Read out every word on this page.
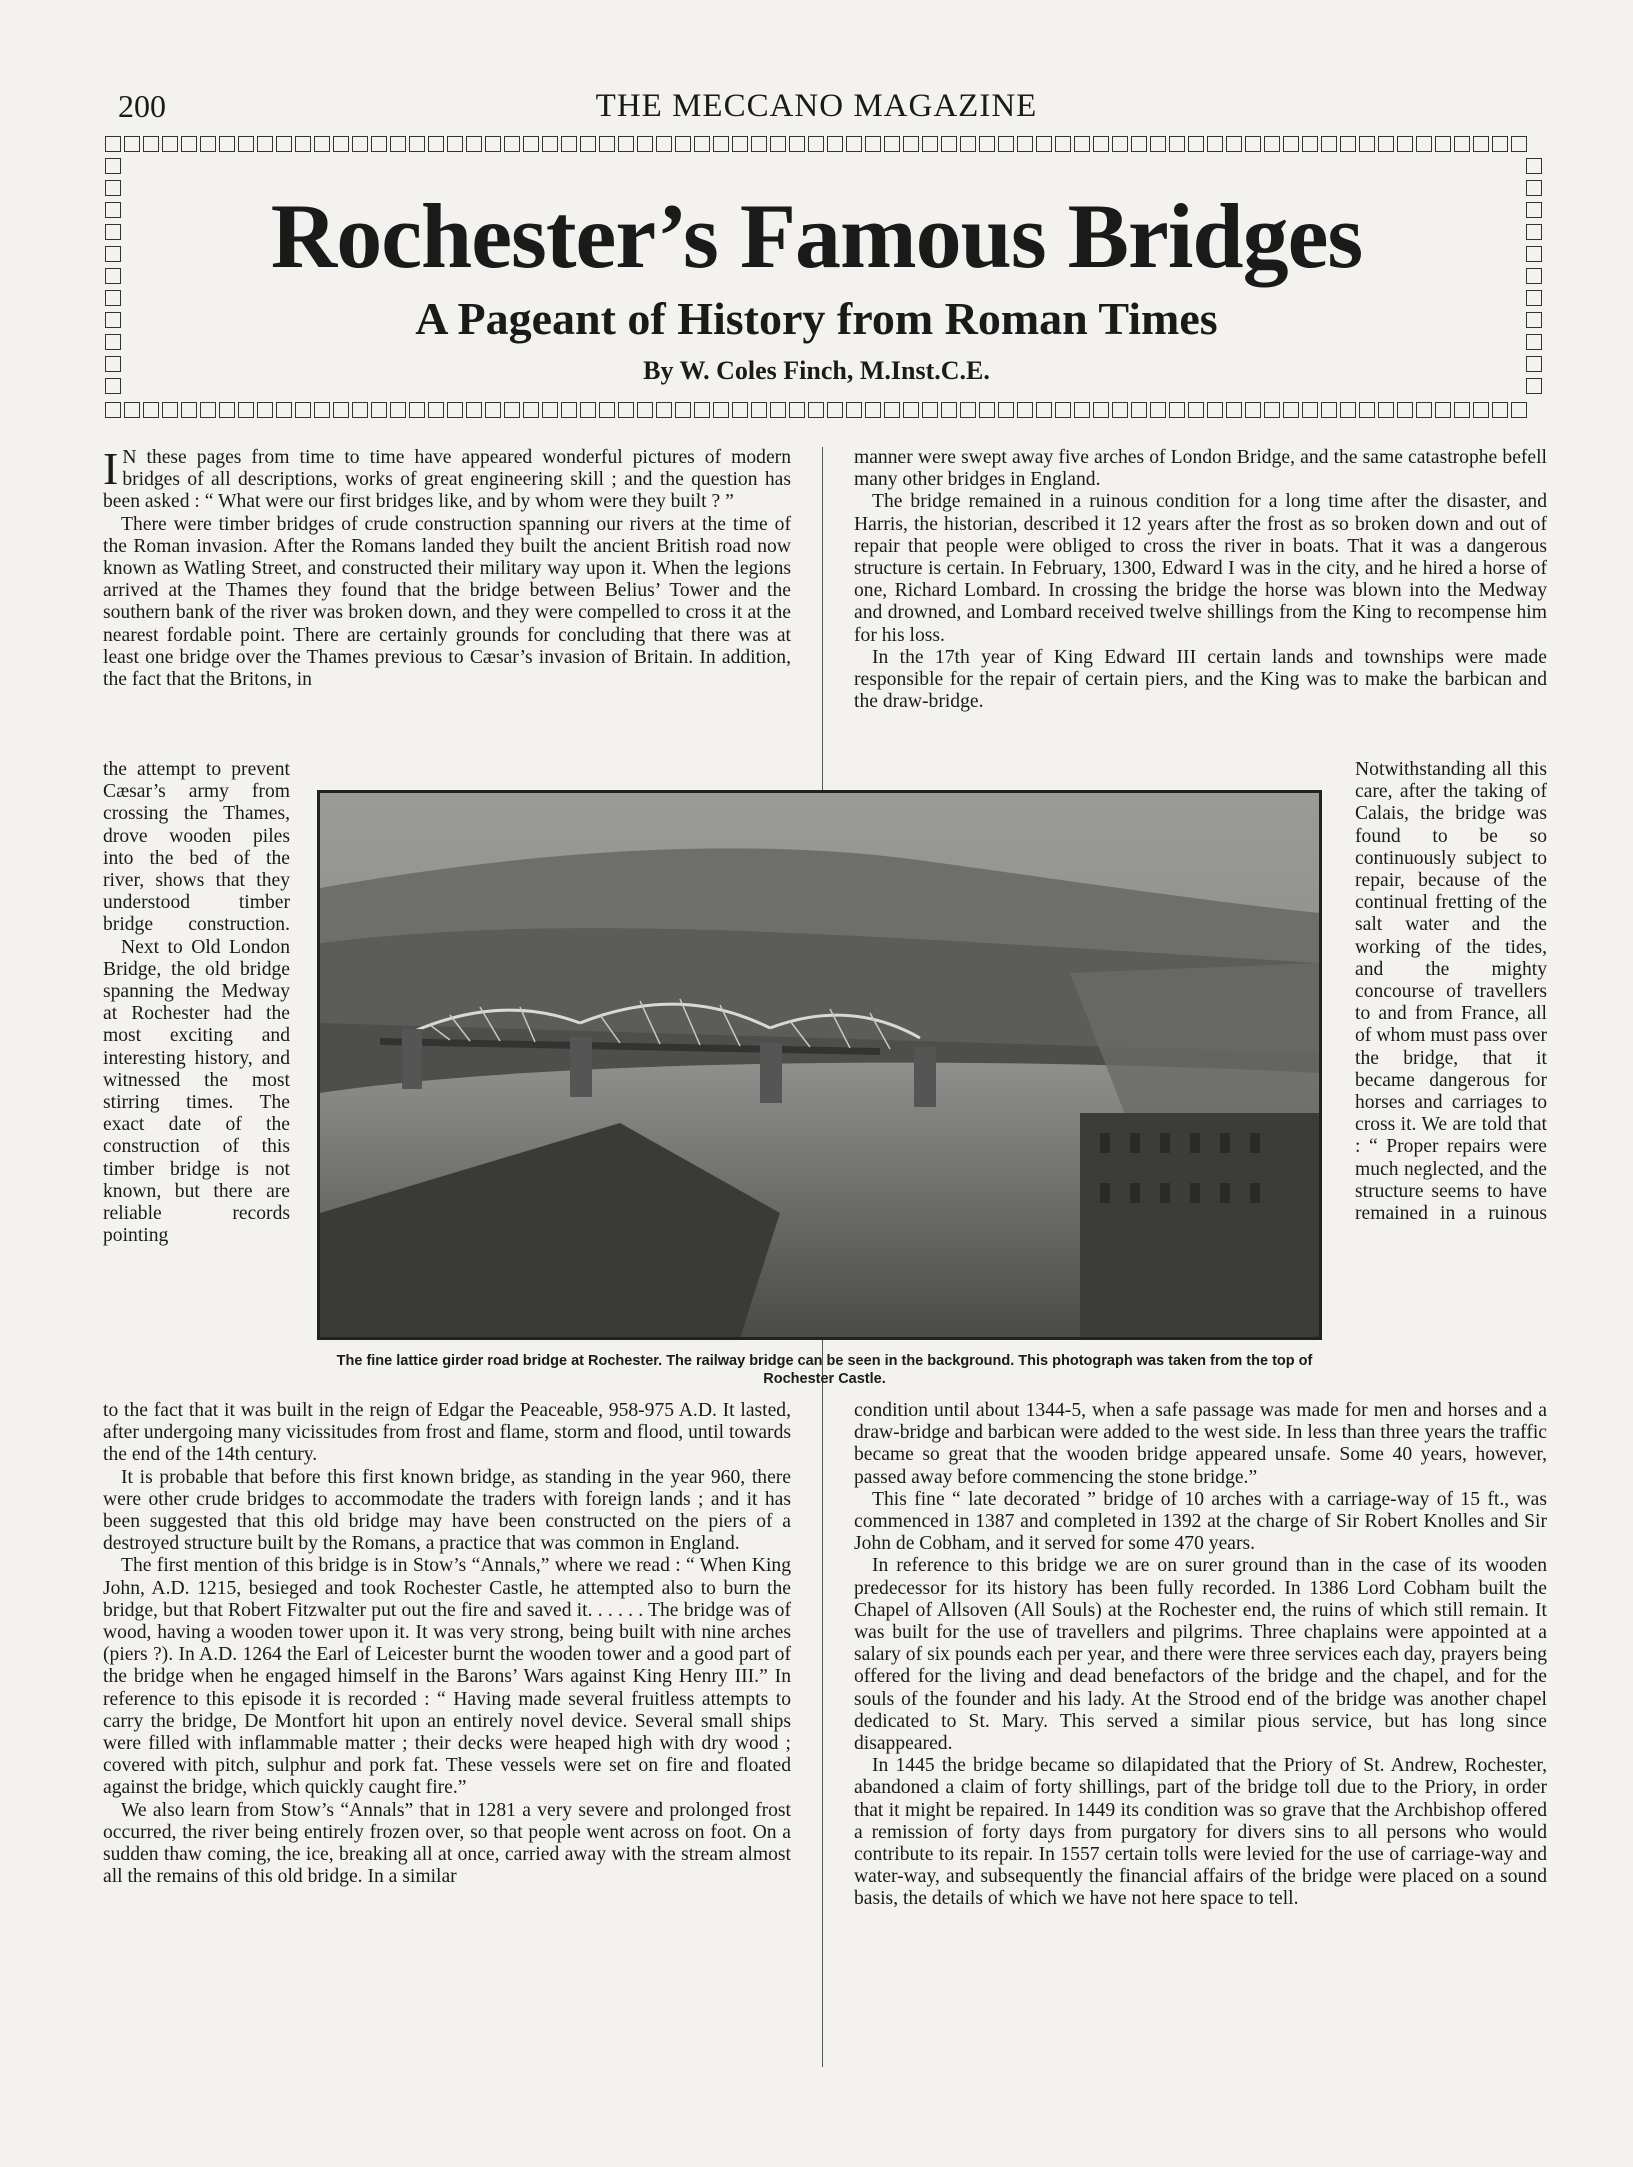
200	THE MECCANO MAGAZINE
Rochester’s Famous Bridges
A Pageant of History from Roman Times
By W. Coles Finch, M.Inst.C.E.

I N these pages from time to time have appeared wonderful pictures of modern bridges of all descriptions, works of great engineering skill ; and the question has been asked : “ What were our first bridges like, and by whom were they built ? ”

There were timber bridges of crude construction spanning our rivers at the time of the Roman invasion. After the Romans landed they built the ancient British road now known as Watling Street, and constructed their military way upon it. When the legions arrived at the Thames they found that the bridge between Belius’ Tower and the southern bank of the river was broken down, and they were compelled to cross it at the nearest fordable point. There are certainly grounds for concluding that there was at least one bridge over the Thames previous to Cæsar’s invasion of Britain. In addition, the fact that the Britons, in

the attempt to prevent Cæsar’s army from crossing the Thames, drove wooden piles into the bed of the river, shows that they understood timber bridge construction.

Next to Old London Bridge, the old bridge spanning the Medway at Rochester had the most exciting and interesting history, and witnessed the most stirring times. The exact date of the construction of this timber bridge is not known, but there are reliable records pointing

manner were swept away five arches of London Bridge, and the same catastrophe befell many other bridges in England.

The bridge remained in a ruinous condition for a long time after the disaster, and Harris, the historian, described it 12 years after the frost as so broken down and out of repair that people were obliged to cross the river in boats. That it was a dangerous structure is certain. In February, 1300, Edward I was in the city, and he hired a horse of one, Richard Lombard. In crossing the bridge the horse was blown into the Medway and drowned, and Lombard received twelve shillings from the King to recompense him for his loss.

In the 17th year of King Edward III certain lands and townships were made responsible for the repair of certain piers, and the King was to make the barbican and the draw-bridge.

Notwithstanding all this care, after the taking of Calais, the bridge was found to be so continuously subject to repair, because of the continual fretting of the salt water and the working of the tides, and the mighty concourse of travellers to and from France, all of whom must pass over the bridge, that it became dangerous for horses and carriages to cross it. We are told that : “ Proper repairs were much neglected, and the structure seems to have remained in a ruinous

The fine lattice girder road bridge at Rochester. The railway bridge can be seen in the background. This photograph was taken from the top of Rochester Castle.

to the fact that it was built in the reign of Edgar the Peaceable, 958-975 A.D. It lasted, after undergoing many vicissitudes from frost and flame, storm and flood, until towards the end of the 14th century.

It is probable that before this first known bridge, as standing in the year 960, there were other crude bridges to accommodate the traders with foreign lands ; and it has been suggested that this old bridge may have been constructed on the piers of a destroyed structure built by the Romans, a practice that was common in England.

The first mention of this bridge is in Stow’s “Annals,” where we read : “ When King John, A.D. 1215, besieged and took Rochester Castle, he attempted also to burn the bridge, but that Robert Fitzwalter put out the fire and saved it. . . . . . The bridge was of wood, having a wooden tower upon it. It was very strong, being built with nine arches (piers ?). In A.D. 1264 the Earl of Leicester burnt the wooden tower and a good part of the bridge when he engaged himself in the Barons’ Wars against King Henry III.” In reference to this episode it is recorded : “ Having made several fruitless attempts to carry the bridge, De Montfort hit upon an entirely novel device. Several small ships were filled with inflammable matter ; their decks were heaped high with dry wood ; covered with pitch, sulphur and pork fat. These vessels were set on fire and floated against the bridge, which quickly caught fire.”

We also learn from Stow’s “Annals” that in 1281 a very severe and prolonged frost occurred, the river being entirely frozen over, so that people went across on foot. On a sudden thaw coming, the ice, breaking all at once, carried away with the stream almost all the remains of this old bridge. In a similar

condition until about 1344-5, when a safe passage was made for men and horses and a draw-bridge and barbican were added to the west side. In less than three years the traffic became so great that the wooden bridge appeared unsafe. Some 40 years, however, passed away before commencing the stone bridge.”

This fine “ late decorated ” bridge of 10 arches with a carriage-way of 15 ft., was commenced in 1387 and completed in 1392 at the charge of Sir Robert Knolles and Sir John de Cobham, and it served for some 470 years.

In reference to this bridge we are on surer ground than in the case of its wooden predecessor for its history has been fully recorded. In 1386 Lord Cobham built the Chapel of Allsoven (All Souls) at the Rochester end, the ruins of which still remain. It was built for the use of travellers and pilgrims. Three chaplains were appointed at a salary of six pounds each per year, and there were three services each day, prayers being offered for the living and dead benefactors of the bridge and the chapel, and for the souls of the founder and his lady. At the Strood end of the bridge was another chapel dedicated to St. Mary. This served a similar pious service, but has long since disappeared.

In 1445 the bridge became so dilapidated that the Priory of St. Andrew, Rochester, abandoned a claim of forty shillings, part of the bridge toll due to the Priory, in order that it might be repaired. In 1449 its condition was so grave that the Archbishop offered a remission of forty days from purgatory for divers sins to all persons who would contribute to its repair. In 1557 certain tolls were levied for the use of carriage-way and water-way, and subsequently the financial affairs of the bridge were placed on a sound basis, the details of which we have not here space to tell.
